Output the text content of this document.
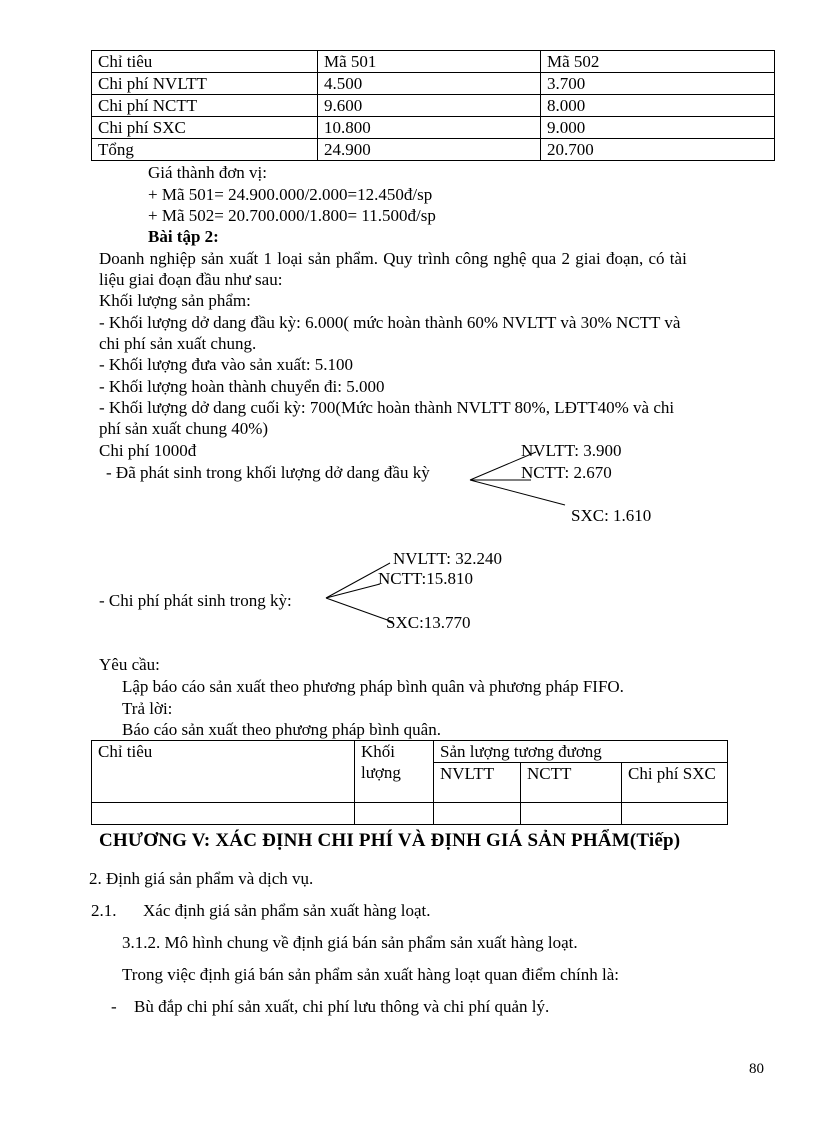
Chỉ tiêu	Mã 501	Mã 502
Chi phí NVLTT	4.500	3.700
Chi phí NCTT	9.600	8.000
Chi phí SXC	10.800	9.000
Tổng	24.900	20.700
Giá thành đơn vị:
+ Mã 501= 24.900.000/2.000=12.450đ/sp
+ Mã 502= 20.700.000/1.800= 11.500đ/sp
Bài tập 2:
Doanh nghiệp sản xuất 1 loại sản phẩm. Quy trình công nghệ qua 2 giai đoạn, có tài
liệu giai đoạn đầu như sau:
Khối lượng sản phẩm:
- Khối lượng dở dang đầu kỳ: 6.000( mức hoàn thành 60% NVLTT và 30% NCTT và
chi phí sản xuất chung.
- Khối lượng đưa vào sản xuất: 5.100
- Khối lượng hoàn thành chuyển đi: 5.000
- Khối lượng dở dang cuối kỳ: 700(Mức hoàn thành NVLTT 80%, LĐTT40% và chi
phí sản xuất chung 40%)
Chi phí 1000đ
- Đã phát sinh trong khối lượng dở dang đầu kỳ
NVLTT: 3.900
NCTT: 2.670
SXC: 1.610
NVLTT: 32.240
NCTT:15.810
- Chi phí phát sinh trong kỳ:
SXC:13.770
Yêu cầu:
Lập báo cáo sản xuất theo phương pháp bình quân và phương pháp FIFO.
Trả lời:
Báo cáo sản xuất theo phương pháp bình quân.
Chỉ tiêu	Khối lượng	Sản lượng tương đương		
		NVLTT	NCTT	Chi phí SXC

CHƯƠNG V: XÁC ĐỊNH CHI PHÍ VÀ ĐỊNH GIÁ SẢN PHẨM(Tiếp)
2. Định giá sản phẩm và dịch vụ.
2.1. Xác định giá sản phẩm sản xuất hàng loạt.
3.1.2. Mô hình chung về định giá bán sản phẩm sản xuất hàng loạt.
Trong việc định giá bán sản phẩm sản xuất hàng loạt quan điểm chính là:
- Bù đắp chi phí sản xuất, chi phí lưu thông và chi phí quản lý.
80
